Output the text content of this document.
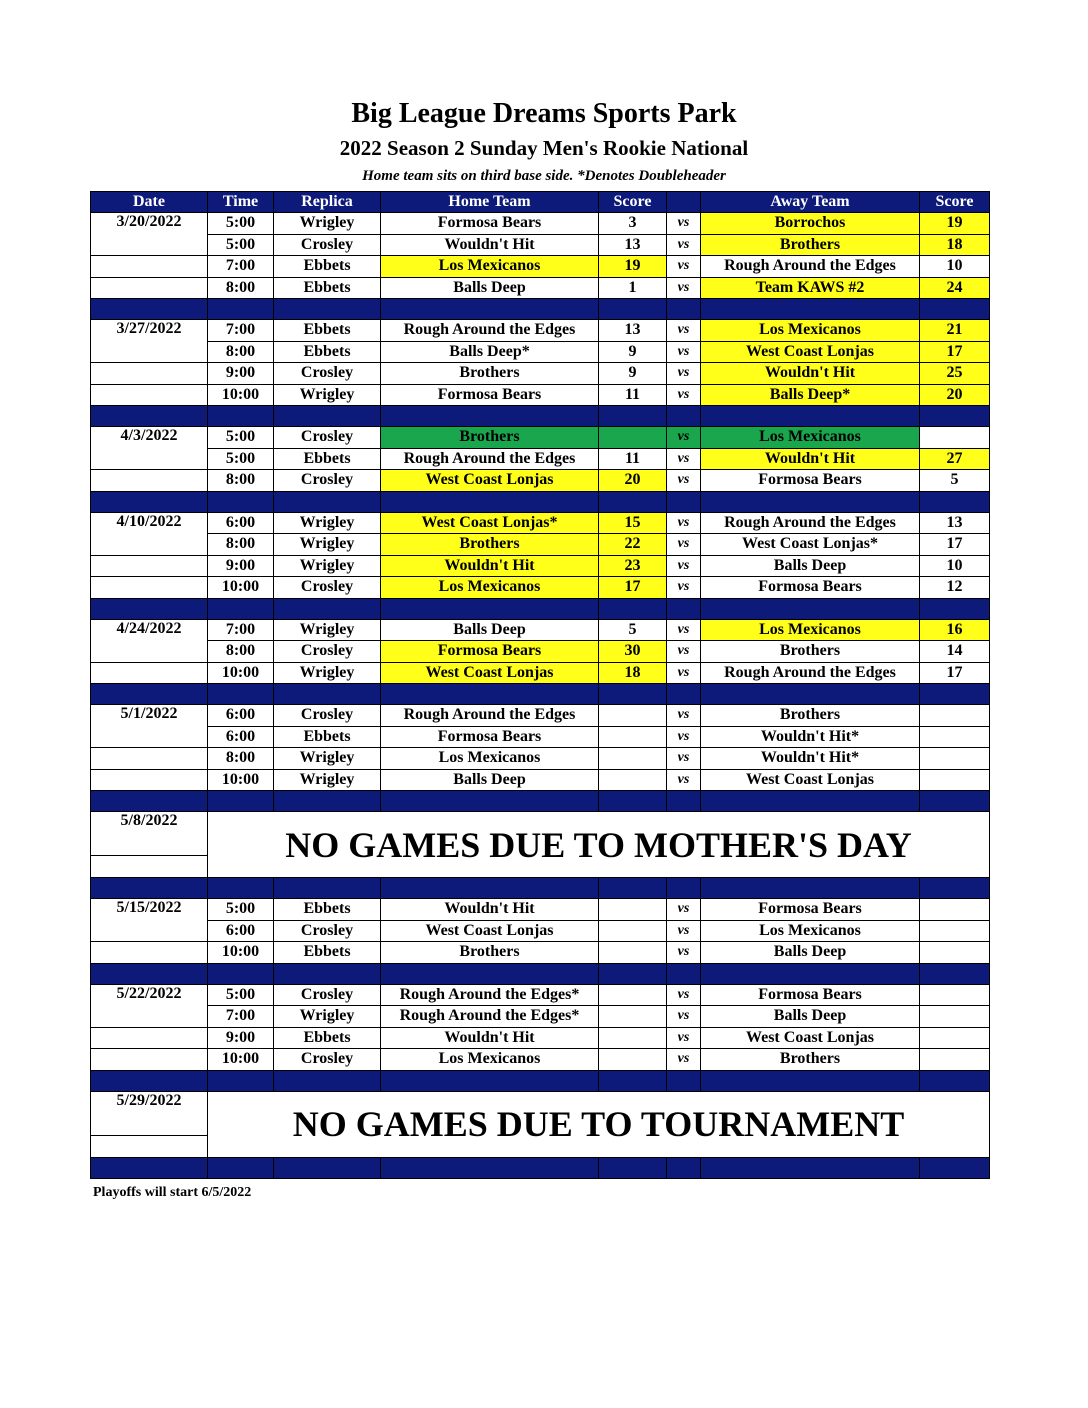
Big League Dreams Sports Park
2022 Season 2 Sunday Men's Rookie National
Home team sits on third base side. *Denotes Doubleheader
Date	Time	Replica	Home Team	Score		Away Team	Score
3/20/2022	5:00	Wrigley	Formosa Bears	3	vs	Borrochos	19
	5:00	Crosley	Wouldn't Hit	13	vs	Brothers	18
	7:00	Ebbets	Los Mexicanos	19	vs	Rough Around the Edges	10
	8:00	Ebbets	Balls Deep	1	vs	Team KAWS #2	24

3/27/2022	7:00	Ebbets	Rough Around the Edges	13	vs	Los Mexicanos	21
	8:00	Ebbets	Balls Deep*	9	vs	West Coast Lonjas	17
	9:00	Crosley	Brothers	9	vs	Wouldn't Hit	25
	10:00	Wrigley	Formosa Bears	11	vs	Balls Deep*	20

4/3/2022	5:00	Crosley	Brothers		vs	Los Mexicanos	
	5:00	Ebbets	Rough Around the Edges	11	vs	Wouldn't Hit	27
	8:00	Crosley	West Coast Lonjas	20	vs	Formosa Bears	5

4/10/2022	6:00	Wrigley	West Coast Lonjas*	15	vs	Rough Around the Edges	13
	8:00	Wrigley	Brothers	22	vs	West Coast Lonjas*	17
	9:00	Wrigley	Wouldn't Hit	23	vs	Balls Deep	10
	10:00	Crosley	Los Mexicanos	17	vs	Formosa Bears	12

4/24/2022	7:00	Wrigley	Balls Deep	5	vs	Los Mexicanos	16
	8:00	Crosley	Formosa Bears	30	vs	Brothers	14
	10:00	Wrigley	West Coast Lonjas	18	vs	Rough Around the Edges	17

5/1/2022	6:00	Crosley	Rough Around the Edges		vs	Brothers	
	6:00	Ebbets	Formosa Bears		vs	Wouldn't Hit*	
	8:00	Wrigley	Los Mexicanos		vs	Wouldn't Hit*	
	10:00	Wrigley	Balls Deep		vs	West Coast Lonjas	

5/8/2022	NO GAMES DUE TO MOTHER'S DAY						

5/15/2022	5:00	Ebbets	Wouldn't Hit		vs	Formosa Bears	
	6:00	Crosley	West Coast Lonjas		vs	Los Mexicanos	
	10:00	Ebbets	Brothers		vs	Balls Deep	

5/22/2022	5:00	Crosley	Rough Around the Edges*		vs	Formosa Bears	
	7:00	Wrigley	Rough Around the Edges*		vs	Balls Deep	
	9:00	Ebbets	Wouldn't Hit		vs	West Coast Lonjas	
	10:00	Crosley	Los Mexicanos		vs	Brothers	

5/29/2022	NO GAMES DUE TO TOURNAMENT						

Playoffs will start 6/5/2022
